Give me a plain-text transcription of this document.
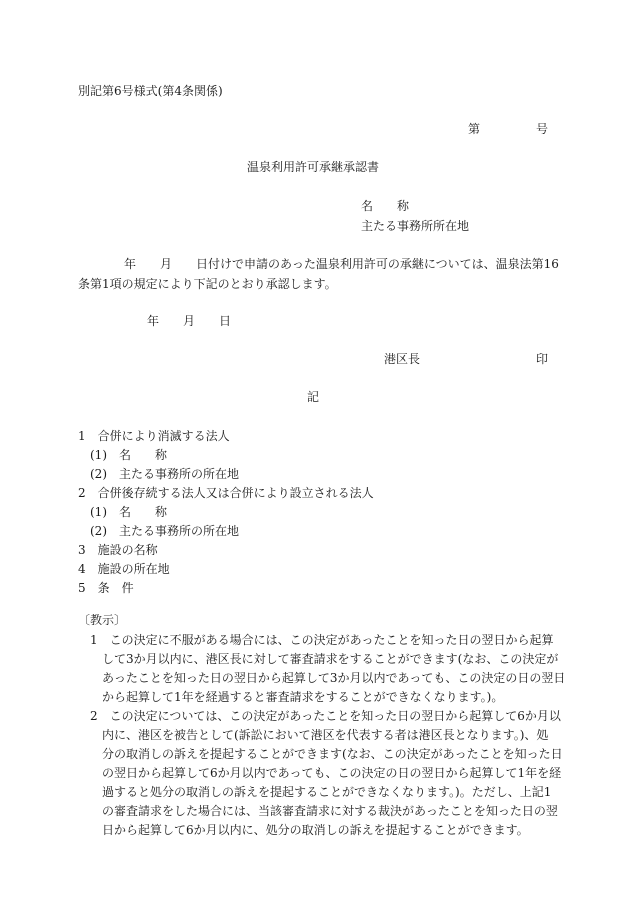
別記第6号様式(第4条関係)
第	号
温泉利用許可承継承認書
名　　称
主たる事務所所在地
年　　月　　日付けで申請のあった温泉利用許可の承継については、温泉法第16
条第1項の規定により下記のとおり承認します。
年　　月　　日
港区長	印
記
1　合併により消滅する法人
(1)　名　　称
(2)　主たる事務所の所在地
2　合併後存続する法人又は合併により設立される法人
(1)　名　　称
(2)　主たる事務所の所在地
3　施設の名称
4　施設の所在地
5　条　件
〔教示〕
1　この決定に不服がある場合には、この決定があったことを知った日の翌日から起算
して3か月以内に、港区長に対して審査請求をすることができます(なお、この決定が
あったことを知った日の翌日から起算して3か月以内であっても、この決定の日の翌日
から起算して1年を経過すると審査請求をすることができなくなります。)。
2　この決定については、この決定があったことを知った日の翌日から起算して6か月以
内に、港区を被告として(訴訟において港区を代表する者は港区長となります。)、処
分の取消しの訴えを提起することができます(なお、この決定があったことを知った日
の翌日から起算して6か月以内であっても、この決定の日の翌日から起算して1年を経
過すると処分の取消しの訴えを提起することができなくなります。)。ただし、上記1
の審査請求をした場合には、当該審査請求に対する裁決があったことを知った日の翌
日から起算して6か月以内に、処分の取消しの訴えを提起することができます。
